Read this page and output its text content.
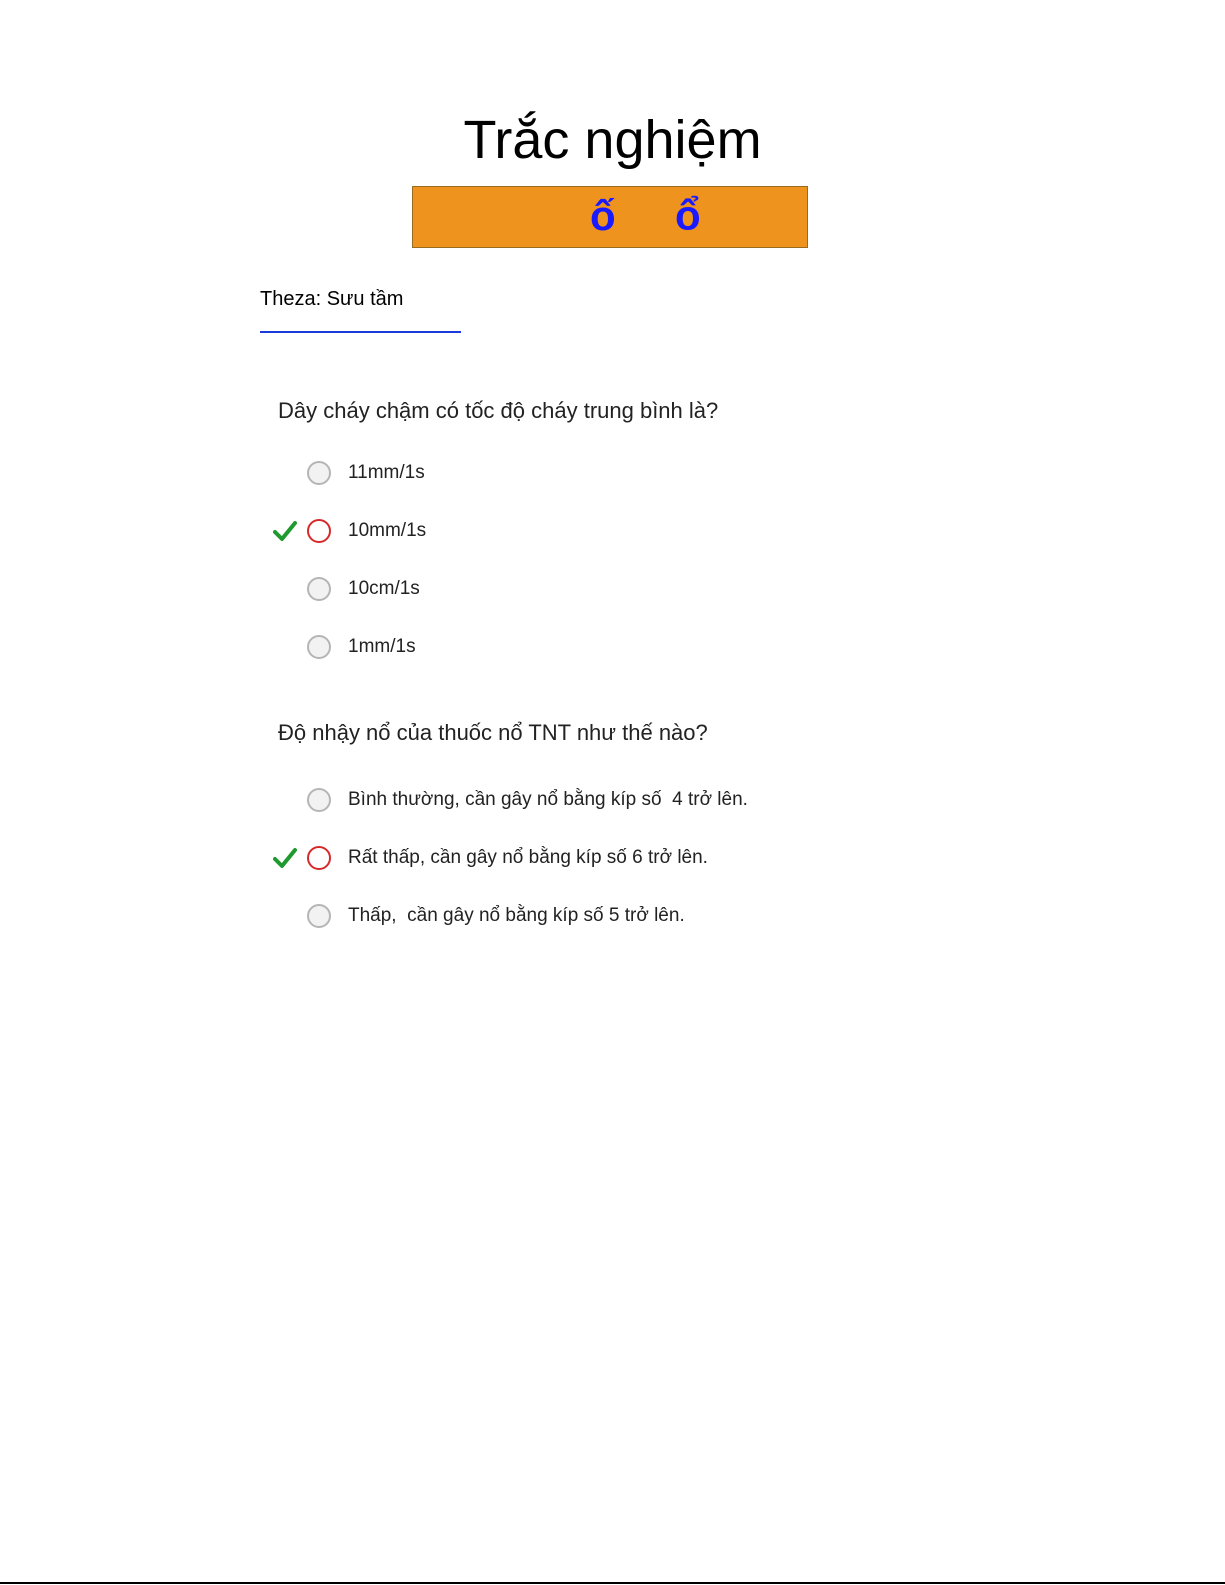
Trắc nghiệm
ố ổ
Theza: Sưu tầm
Dây cháy chậm có tốc độ cháy trung bình là?
11mm/1s
10mm/1s
10cm/1s
1mm/1s
Độ nhậy nổ của thuốc nổ TNT như thế nào?
Bình thường, cần gây nổ bằng kíp số  4 trở lên.
Rất thấp, cần gây nổ bằng kíp số 6 trở lên.
Thấp,  cần gây nổ bằng kíp số 5 trở lên.
